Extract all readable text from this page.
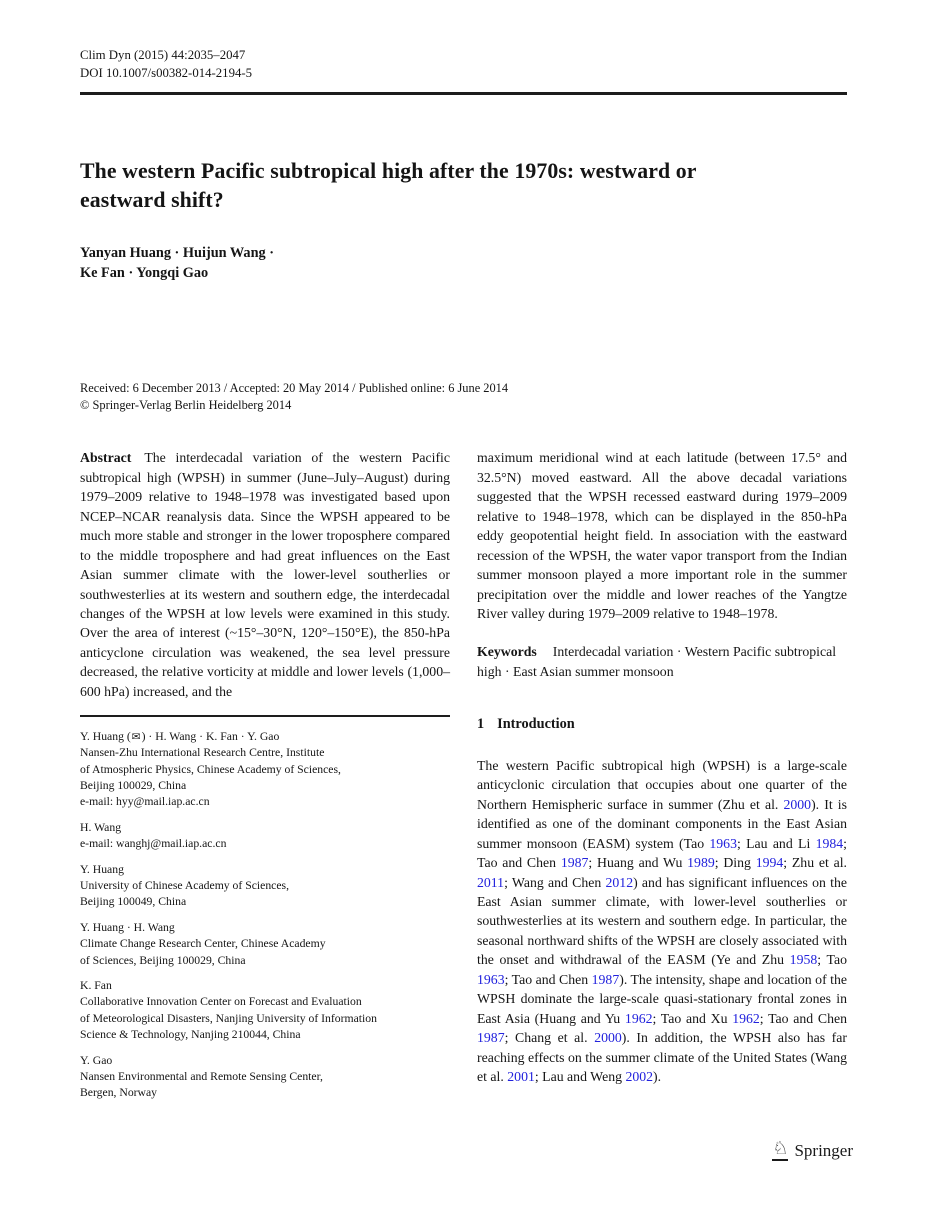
Clim Dyn (2015) 44:2035–2047
DOI 10.1007/s00382-014-2194-5
The western Pacific subtropical high after the 1970s: westward or eastward shift?
Yanyan Huang · Huijun Wang ·
Ke Fan · Yongqi Gao
Received: 6 December 2013 / Accepted: 20 May 2014 / Published online: 6 June 2014
© Springer-Verlag Berlin Heidelberg 2014
Abstract The interdecadal variation of the western Pacific subtropical high (WPSH) in summer (June–July–August) during 1979–2009 relative to 1948–1978 was investigated based upon NCEP–NCAR reanalysis data. Since the WPSH appeared to be much more stable and stronger in the lower troposphere compared to the middle troposphere and had great influences on the East Asian summer climate with the lower-level southerlies or southwesterlies at its western and southern edge, the interdecadal changes of the WPSH at low levels were examined in this study. Over the area of interest (~15°–30°N, 120°–150°E), the 850-hPa anticyclone circulation was weakened, the sea level pressure decreased, the relative vorticity at middle and lower levels (1,000–600 hPa) increased, and the
Y. Huang (✉) · H. Wang · K. Fan · Y. Gao
Nansen-Zhu International Research Centre, Institute
of Atmospheric Physics, Chinese Academy of Sciences,
Beijing 100029, China
e-mail: hyy@mail.iap.ac.cn
H. Wang
e-mail: wanghj@mail.iap.ac.cn
Y. Huang
University of Chinese Academy of Sciences,
Beijing 100049, China
Y. Huang · H. Wang
Climate Change Research Center, Chinese Academy
of Sciences, Beijing 100029, China
K. Fan
Collaborative Innovation Center on Forecast and Evaluation
of Meteorological Disasters, Nanjing University of Information
Science & Technology, Nanjing 210044, China
Y. Gao
Nansen Environmental and Remote Sensing Center,
Bergen, Norway
maximum meridional wind at each latitude (between 17.5° and 32.5°N) moved eastward. All the above decadal variations suggested that the WPSH recessed eastward during 1979–2009 relative to 1948–1978, which can be displayed in the 850-hPa eddy geopotential height field. In association with the eastward recession of the WPSH, the water vapor transport from the Indian summer monsoon played a more important role in the summer precipitation over the middle and lower reaches of the Yangtze River valley during 1979–2009 relative to 1948–1978.
Keywords Interdecadal variation · Western Pacific subtropical high · East Asian summer monsoon
1 Introduction
The western Pacific subtropical high (WPSH) is a large-scale anticyclonic circulation that occupies about one quarter of the Northern Hemispheric surface in summer (Zhu et al. 2000). It is identified as one of the dominant components in the East Asian summer monsoon (EASM) system (Tao 1963; Lau and Li 1984; Tao and Chen 1987; Huang and Wu 1989; Ding 1994; Zhu et al. 2011; Wang and Chen 2012) and has significant influences on the East Asian summer climate, with lower-level southerlies or southwesterlies at its western and southern edge. In particular, the seasonal northward shifts of the WPSH are closely associated with the onset and withdrawal of the EASM (Ye and Zhu 1958; Tao 1963; Tao and Chen 1987). The intensity, shape and location of the WPSH dominate the large-scale quasi-stationary frontal zones in East Asia (Huang and Yu 1962; Tao and Xu 1962; Tao and Chen 1987; Chang et al. 2000). In addition, the WPSH also has far reaching effects on the summer climate of the United States (Wang et al. 2001; Lau and Weng 2002).
♘ Springer
